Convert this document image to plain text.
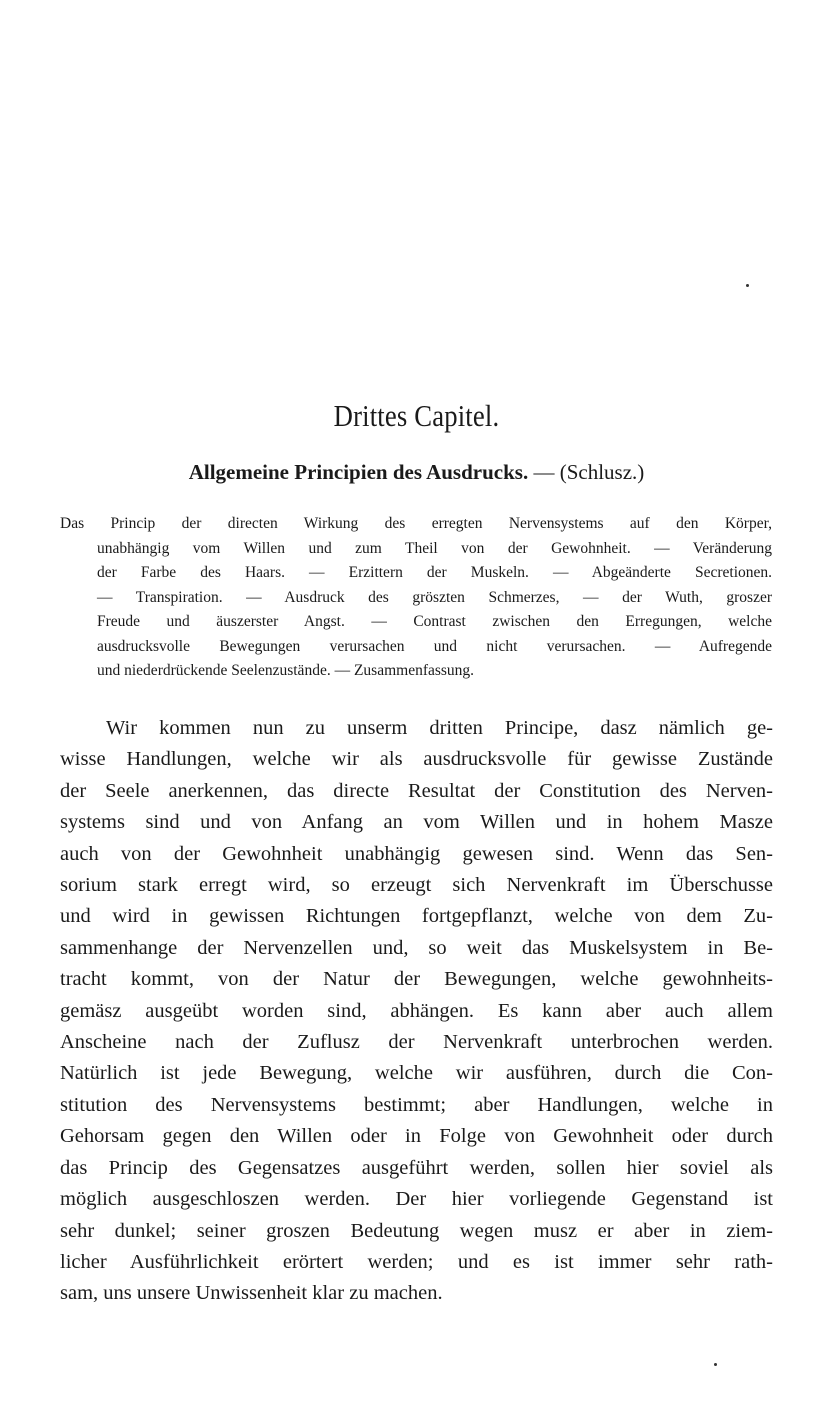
Drittes Capitel.
Allgemeine Principien des Ausdrucks. — (Schlusz.)
Das Princip der directen Wirkung des erregten Nervensystems auf den Körper,
unabhängig vom Willen und zum Theil von der Gewohnheit. — Veränderung
der Farbe des Haars. — Erzittern der Muskeln. — Abgeänderte Secretionen.
— Transpiration. — Ausdruck des gröszten Schmerzes, — der Wuth, groszer
Freude und äuszerster Angst. — Contrast zwischen den Erregungen, welche
ausdrucksvolle Bewegungen verursachen und nicht verursachen. — Aufregende
und niederdrückende Seelenzustände. — Zusammenfassung.
Wir kommen nun zu unserm dritten Principe, dasz nämlich ge-
wisse Handlungen, welche wir als ausdrucksvolle für gewisse Zustände
der Seele anerkennen, das directe Resultat der Constitution des Nerven-
systems sind und von Anfang an vom Willen und in hohem Masze
auch von der Gewohnheit unabhängig gewesen sind. Wenn das Sen-
sorium stark erregt wird, so erzeugt sich Nervenkraft im Überschusse
und wird in gewissen Richtungen fortgepflanzt, welche von dem Zu-
sammenhange der Nervenzellen und, so weit das Muskelsystem in Be-
tracht kommt, von der Natur der Bewegungen, welche gewohnheits-
gemäsz ausgeübt worden sind, abhängen. Es kann aber auch allem
Anscheine nach der Zuflusz der Nervenkraft unterbrochen werden.
Natürlich ist jede Bewegung, welche wir ausführen, durch die Con-
stitution des Nervensystems bestimmt; aber Handlungen, welche in
Gehorsam gegen den Willen oder in Folge von Gewohnheit oder durch
das Princip des Gegensatzes ausgeführt werden, sollen hier soviel als
möglich ausgeschloszen werden. Der hier vorliegende Gegenstand ist
sehr dunkel; seiner groszen Bedeutung wegen musz er aber in ziem-
licher Ausführlichkeit erörtert werden; und es ist immer sehr rath-
sam, uns unsere Unwissenheit klar zu machen.
